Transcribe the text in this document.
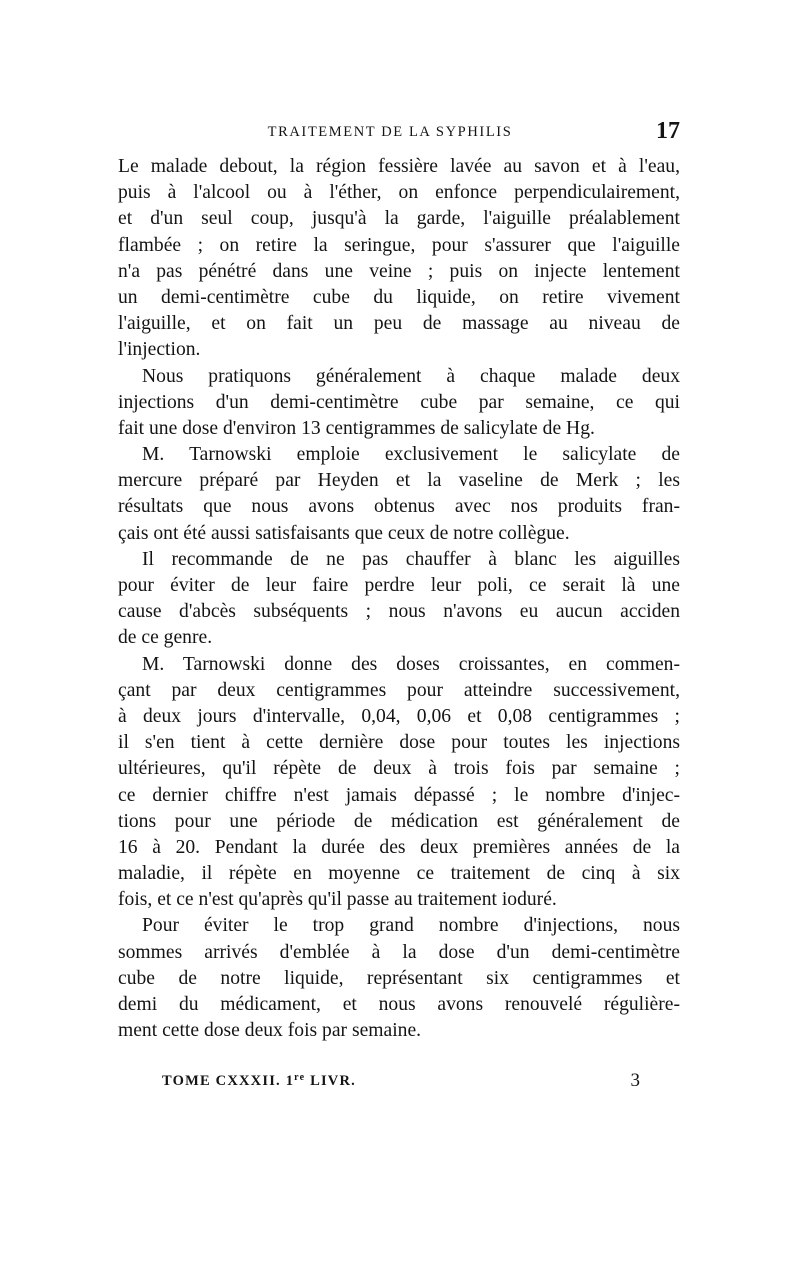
TRAITEMENT DE LA SYPHILIS	17
Le malade debout, la région fessière lavée au savon et à l'eau,
puis à l'alcool ou à l'éther, on enfonce perpendiculairement,
et d'un seul coup, jusqu'à la garde, l'aiguille préalablement
flambée ; on retire la seringue, pour s'assurer que l'aiguille
n'a pas pénétré dans une veine ; puis on injecte lentement
un demi-centimètre cube du liquide, on retire vivement
l'aiguille, et on fait un peu de massage au niveau de
l'injection.
Nous pratiquons généralement à chaque malade deux
injections d'un demi-centimètre cube par semaine, ce qui
fait une dose d'environ 13 centigrammes de salicylate de Hg.
M. Tarnowski emploie exclusivement le salicylate de
mercure préparé par Heyden et la vaseline de Merk ; les
résultats que nous avons obtenus avec nos produits fran-
çais ont été aussi satisfaisants que ceux de notre collègue.
Il recommande de ne pas chauffer à blanc les aiguilles
pour éviter de leur faire perdre leur poli, ce serait là une
cause d'abcès subséquents ; nous n'avons eu aucun acciden
de ce genre.
M. Tarnowski donne des doses croissantes, en commen-
çant par deux centigrammes pour atteindre successivement,
à deux jours d'intervalle, 0,04, 0,06 et 0,08 centigrammes ;
il s'en tient à cette dernière dose pour toutes les injections
ultérieures, qu'il répète de deux à trois fois par semaine ;
ce dernier chiffre n'est jamais dépassé ; le nombre d'injec-
tions pour une période de médication est généralement de
16 à 20. Pendant la durée des deux premières années de la
maladie, il répète en moyenne ce traitement de cinq à six
fois, et ce n'est qu'après qu'il passe au traitement ioduré.
Pour éviter le trop grand nombre d'injections, nous
sommes arrivés d'emblée à la dose d'un demi-centimètre
cube de notre liquide, représentant six centigrammes et
demi du médicament, et nous avons renouvelé régulière-
ment cette dose deux fois par semaine.
TOME CXXXII. 1re LIVR.	3
